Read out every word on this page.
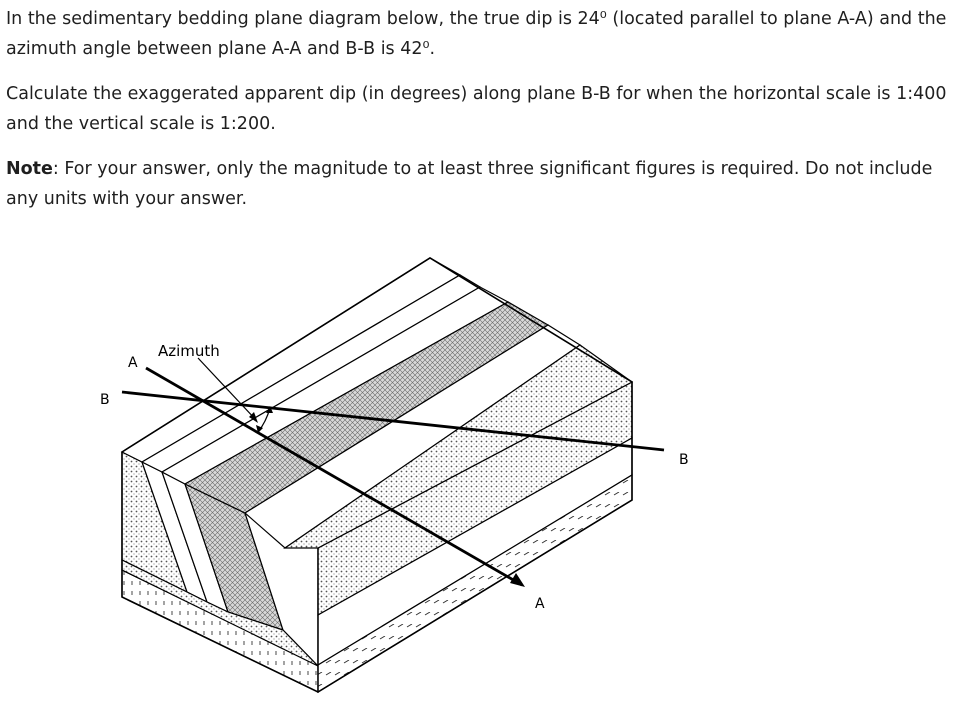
In the sedimentary bedding plane diagram below, the true dip is 24⁰ (located parallel to plane A-A) and the azimuth angle between plane A-A and B-B is 42⁰.

Calculate the exaggerated apparent dip (in degrees) along plane B-B for when the horizontal scale is 1:400 and the vertical scale is 1:200.

Note: For your answer, only the magnitude to at least three significant figures is required. Do not include any units with your answer.

Azimuth
A
B
B
A
